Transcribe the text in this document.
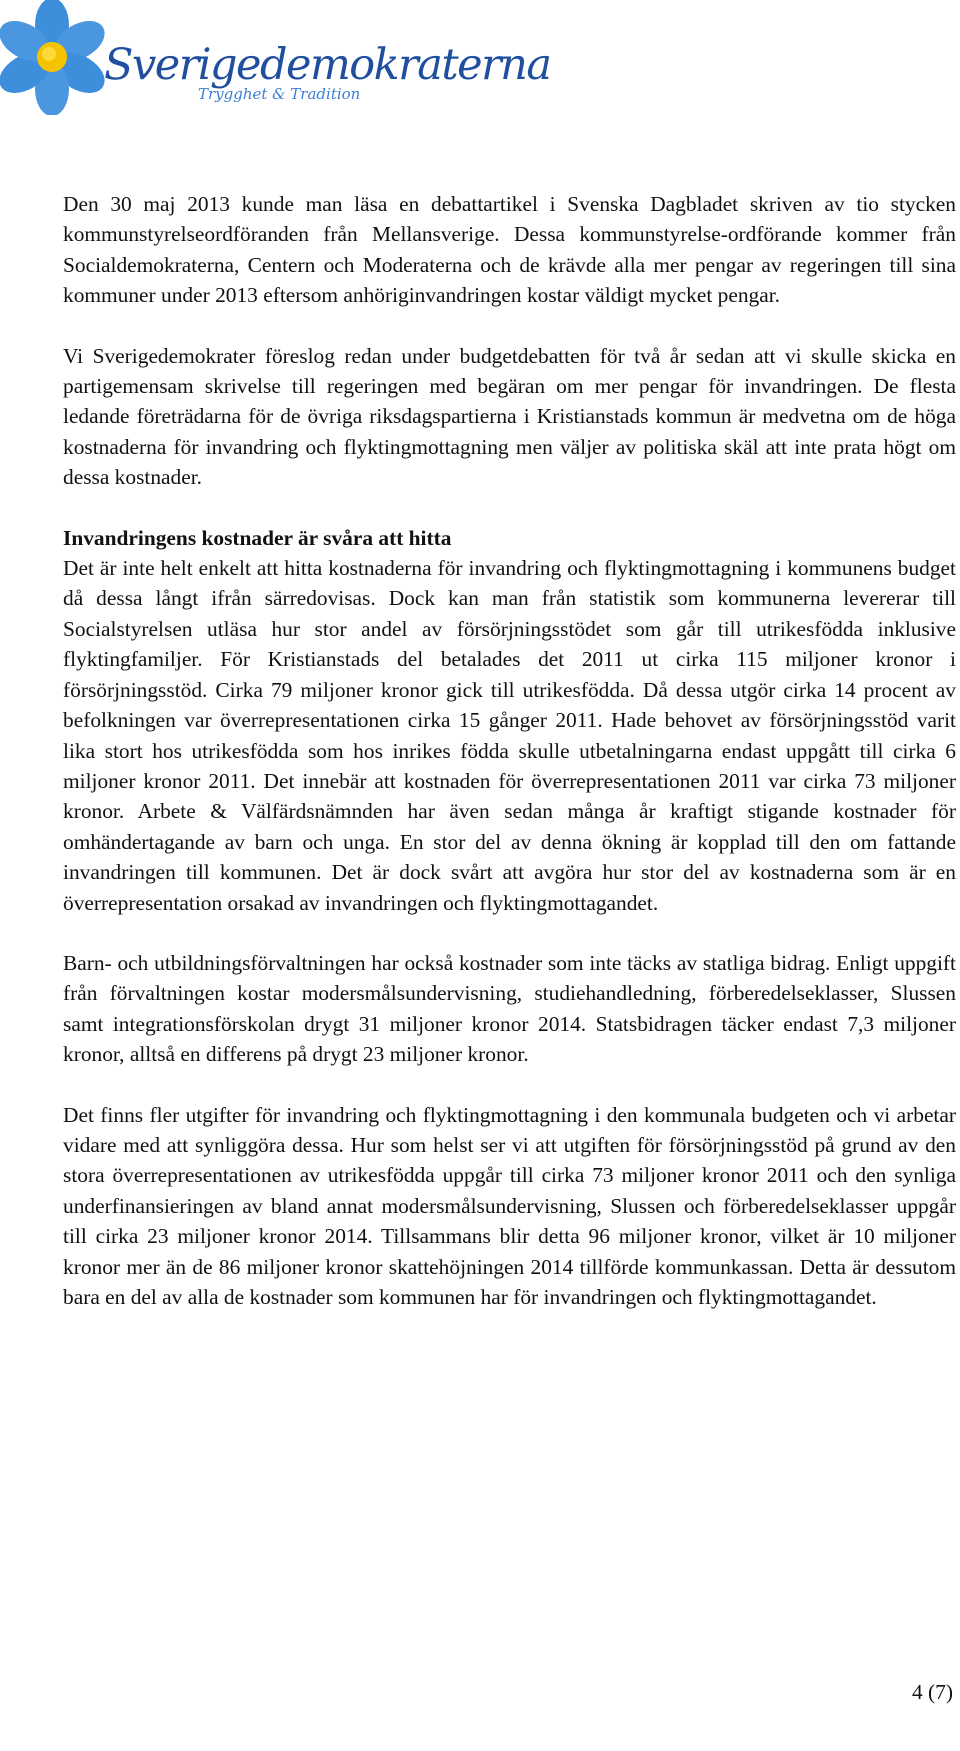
Sverigedemokraterna
Trygghet & Tradition

Den 30 maj 2013 kunde man läsa en debattartikel i Svenska Dagbladet skriven av tio stycken kommunstyrelseordföranden från Mellansverige. Dessa kommunstyrelse-ordförande kommer från Socialdemokraterna, Centern och Moderaterna och de krävde alla mer pengar av regeringen till sina kommuner under 2013 eftersom anhöriginvandringen kostar väldigt mycket pengar.

Vi Sverigedemokrater föreslog redan under budgetdebatten för två år sedan att vi skulle skicka en partigemensam skrivelse till regeringen med begäran om mer pengar för invandringen. De flesta ledande företrädarna för de övriga riksdagspartierna i Kristianstads kommun är medvetna om de höga kostnaderna för invandring och flyktingmottagning men väljer av politiska skäl att inte prata högt om dessa kostnader.

Invandringens kostnader är svåra att hitta

Det är inte helt enkelt att hitta kostnaderna för invandring och flyktingmottagning i kommunens budget då dessa långt ifrån särredovisas. Dock kan man från statistik som kommunerna levererar till Socialstyrelsen utläsa hur stor andel av försörjningsstödet som går till utrikesfödda inklusive flyktingfamiljer. För Kristianstads del betalades det 2011 ut cirka 115 miljoner kronor i försörjningsstöd. Cirka 79 miljoner kronor gick till utrikesfödda. Då dessa utgör cirka 14 procent av befolkningen var överrepresentationen cirka 15 gånger 2011. Hade behovet av försörjningsstöd varit lika stort hos utrikesfödda som hos inrikes födda skulle utbetalningarna endast uppgått till cirka 6 miljoner kronor 2011. Det innebär att kostnaden för överrepresentationen 2011 var cirka 73 miljoner kronor. Arbete & Välfärdsnämnden har även sedan många år kraftigt stigande kostnader för omhändertagande av barn och unga. En stor del av denna ökning är kopplad till den om fattande invandringen till kommunen. Det är dock svårt att avgöra hur stor del av kostnaderna som är en överrepresentation orsakad av invandringen och flyktingmottagandet.

Barn- och utbildningsförvaltningen har också kostnader som inte täcks av statliga bidrag. Enligt uppgift från förvaltningen kostar modersmålsundervisning, studiehandledning, förberedelseklasser, Slussen samt integrationsförskolan drygt 31 miljoner kronor 2014. Statsbidragen täcker endast 7,3 miljoner kronor, alltså en differens på drygt 23 miljoner kronor.

Det finns fler utgifter för invandring och flyktingmottagning i den kommunala budgeten och vi arbetar vidare med att synliggöra dessa. Hur som helst ser vi att utgiften för försörjningsstöd på grund av den stora överrepresentationen av utrikesfödda uppgår till cirka 73 miljoner kronor 2011 och den synliga underfinansieringen av bland annat modersmålsundervisning, Slussen och förberedelseklasser uppgår till cirka 23 miljoner kronor 2014. Tillsammans blir detta 96 miljoner kronor, vilket är 10 miljoner kronor mer än de 86 miljoner kronor skattehöjningen 2014 tillförde kommunkassan. Detta är dessutom bara en del av alla de kostnader som kommunen har för invandringen och flyktingmottagandet.

4 (7)
